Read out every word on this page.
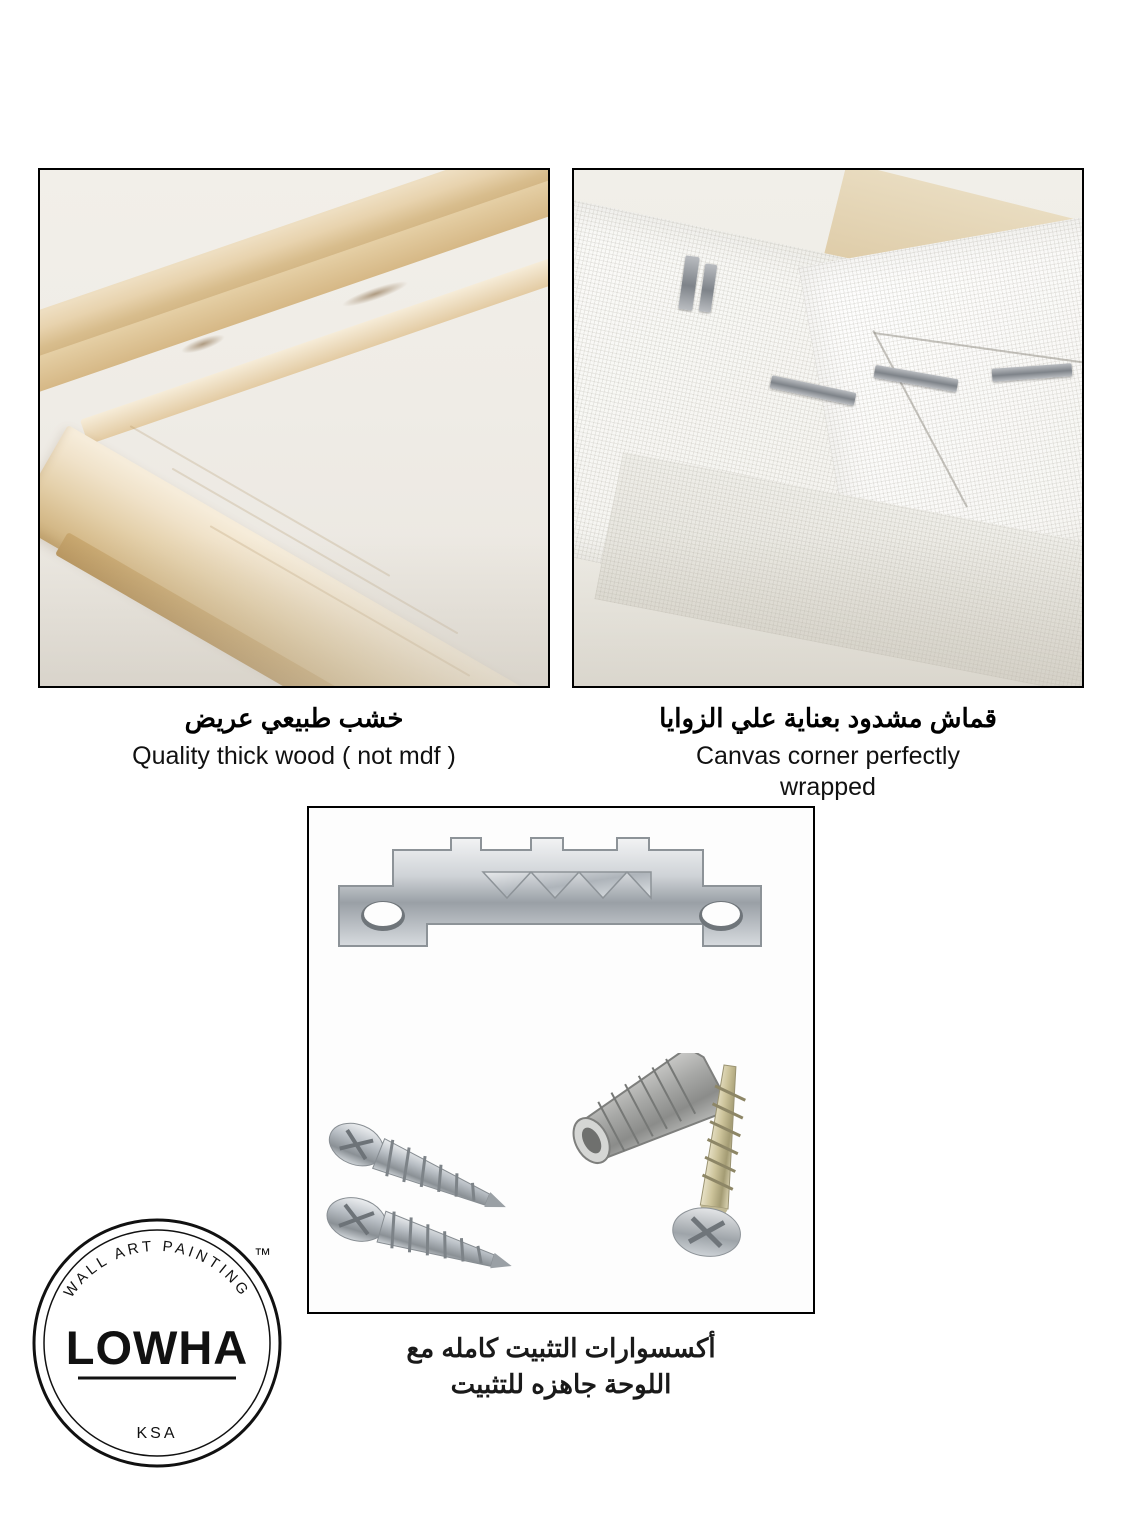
خشب طبيعي عريض
Quality thick wood ( not mdf )
قماش مشدود بعناية علي الزوايا
Canvas corner perfectly
wrapped
أكسسوارات التثبيت كامله مع
اللوحة جاهزه للتثبيت
WALL ART PAINTING
LOWHA
KSA
™
